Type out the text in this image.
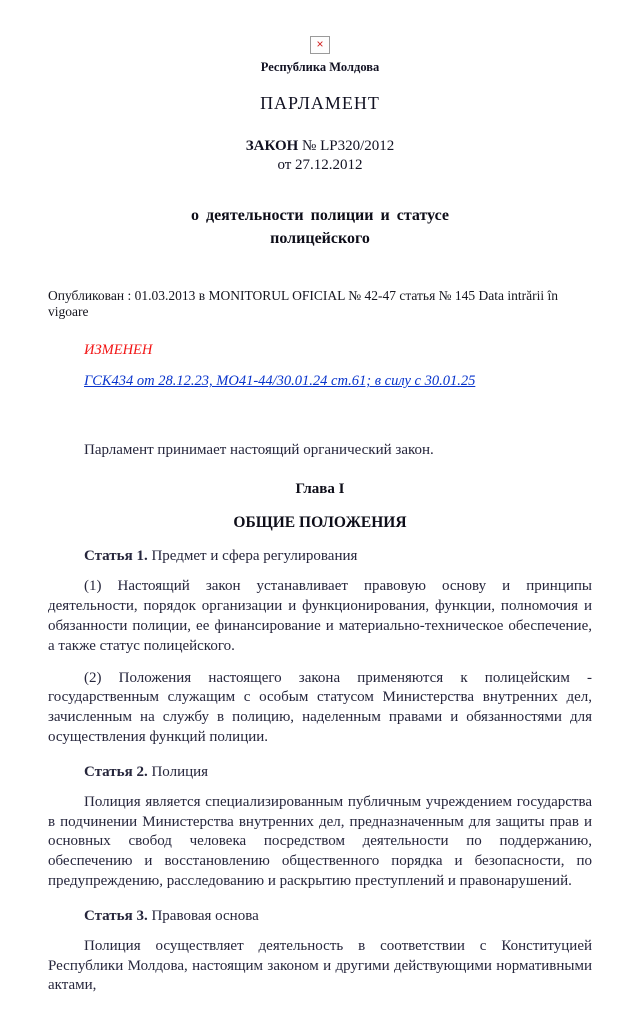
×
Республика Молдова
ПАРЛАМЕНТ
ЗАКОН № LP320/2012
от 27.12.2012
о деятельности полиции и статусе полицейского
Опубликован : 01.03.2013 в MONITORUL OFICIAL № 42-47 статья № 145 Data intrării în vigoare
ИЗМЕНЕН
ГСК434 от 28.12.23, МО41-44/30.01.24 ст.61; в силу с 30.01.25
Парламент принимает настоящий органический закон.
Глава I
ОБЩИЕ ПОЛОЖЕНИЯ
Статья 1. Предмет и сфера регулирования
(1) Настоящий закон устанавливает правовую основу и принципы деятельности, порядок организации и функционирования, функции, полномочия и обязанности полиции, ее финансирование и материально-техническое обеспечение, а также статус полицейского.
(2) Положения настоящего закона применяются к полицейским - государственным служащим с особым статусом Министерства внутренних дел, зачисленным на службу в полицию, наделенным правами и обязанностями для осуществления функций полиции.
Статья 2. Полиция
Полиция является специализированным публичным учреждением государства в подчинении Министерства внутренних дел, предназначенным для защиты прав и основных свобод человека посредством деятельности по поддержанию, обеспечению и восстановлению общественного порядка и безопасности, по предупреждению, расследованию и раскрытию преступлений и правонарушений.
Статья 3. Правовая основа
Полиция осуществляет деятельность в соответствии с Конституцией Республики Молдова, настоящим законом и другими действующими нормативными актами,
